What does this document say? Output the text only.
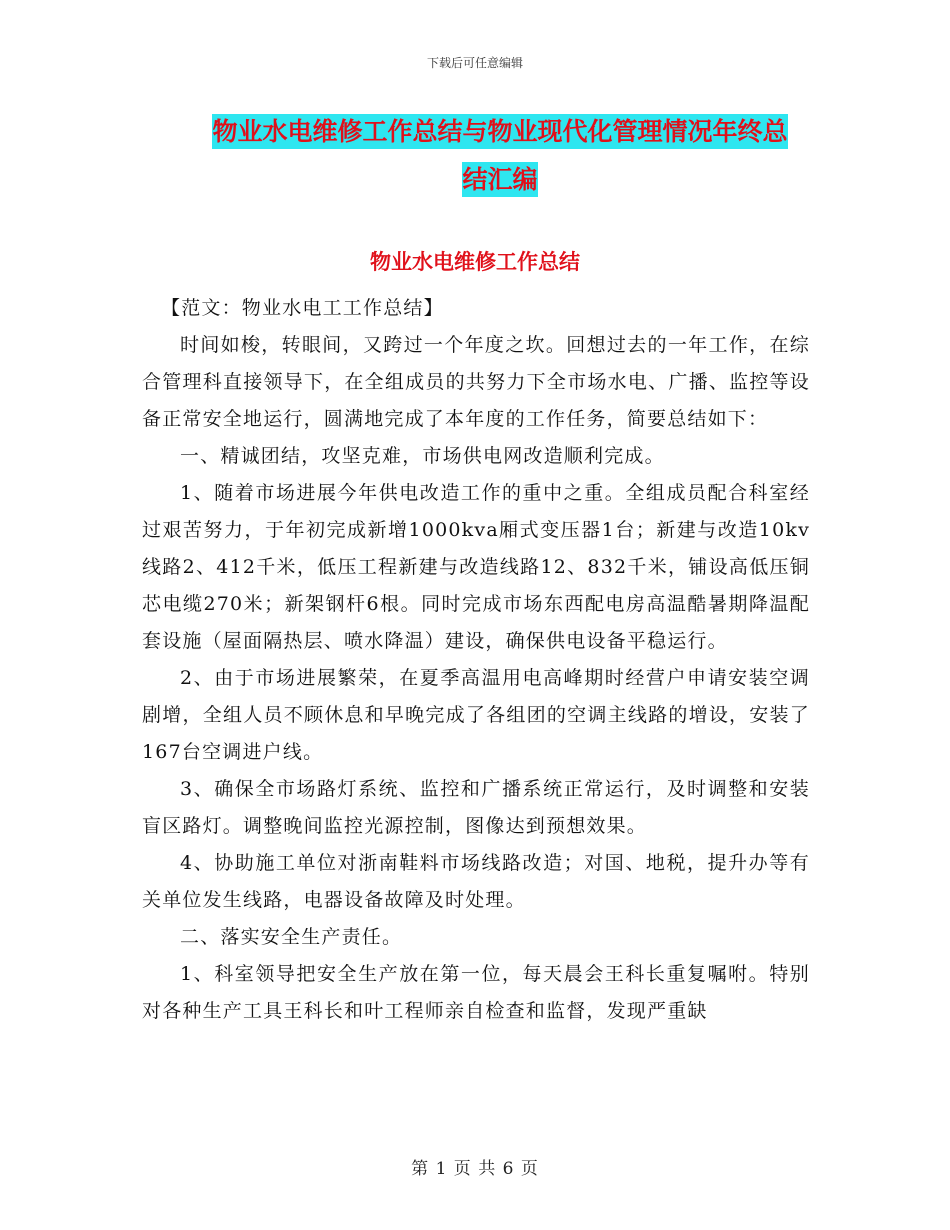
下载后可任意编辑
物业水电维修工作总结与物业现代化管理情况年终总
结汇编
物业水电维修工作总结

【范文：物业水电工工作总结】

时间如梭，转眼间，又跨过一个年度之坎。回想过去的一年工作，在综合管理科直接领导下，在全组成员的共努力下全市场水电、广播、监控等设备正常安全地运行，圆满地完成了本年度的工作任务，简要总结如下：

一、精诚团结，攻坚克难，市场供电网改造顺利完成。

1、随着市场进展今年供电改造工作的重中之重。全组成员配合科室经过艰苦努力，于年初完成新增1000kva厢式变压器1台；新建与改造10kv线路2、412千米，低压工程新建与改造线路12、832千米，铺设高低压铜芯电缆270米；新架钢杆6根。同时完成市场东西配电房高温酷暑期降温配套设施（屋面隔热层、喷水降温）建设，确保供电设备平稳运行。

2、由于市场进展繁荣，在夏季高温用电高峰期时经营户申请安装空调剧增，全组人员不顾休息和早晚完成了各组团的空调主线路的增设，安装了167台空调进户线。

3、确保全市场路灯系统、监控和广播系统正常运行，及时调整和安装盲区路灯。调整晚间监控光源控制，图像达到预想效果。

4、协助施工单位对浙南鞋料市场线路改造；对国、地税，提升办等有关单位发生线路，电器设备故障及时处理。

二、落实安全生产责任。

1、科室领导把安全生产放在第一位，每天晨会王科长重复嘱咐。特别对各种生产工具王科长和叶工程师亲自检查和监督，发现严重缺

第 1 页 共 6 页
